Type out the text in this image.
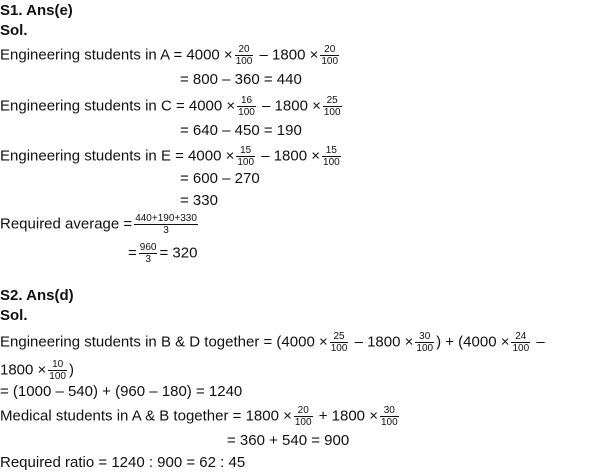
S1. Ans(e)
Sol.
Engineering students in $A = 4000 \times \frac{20}{100} - 1800 \times \frac{20}{100}$
= 800 – 360 = 440
Engineering students in $C = 4000 \times \frac{16}{100} - 1800 \times \frac{25}{100}$
= 640 – 450 = 190
Engineering students in $E = 4000 \times \frac{15}{100} - 1800 \times \frac{15}{100}$
= 600 – 270
= 330
Required average = $\frac{440+190+330}{3}$
= $\frac{960}{3} = 320$
S2. Ans(d)
Sol.
Engineering students in B & D together = ($4000 \times \frac{25}{100} - 1800 \times \frac{30}{100}$ ) + ($4000 \times \frac{24}{100}$ –
$1800 \times \frac{10}{100}$ )
= (1000 – 540) + (960 – 180) = 1240
Medical students in A & B together = $1800 \times \frac{20}{100} + 1800 \times \frac{30}{100}$
= 360 + 540 = 900
Required ratio = 1240 : 900 = 62 : 45
